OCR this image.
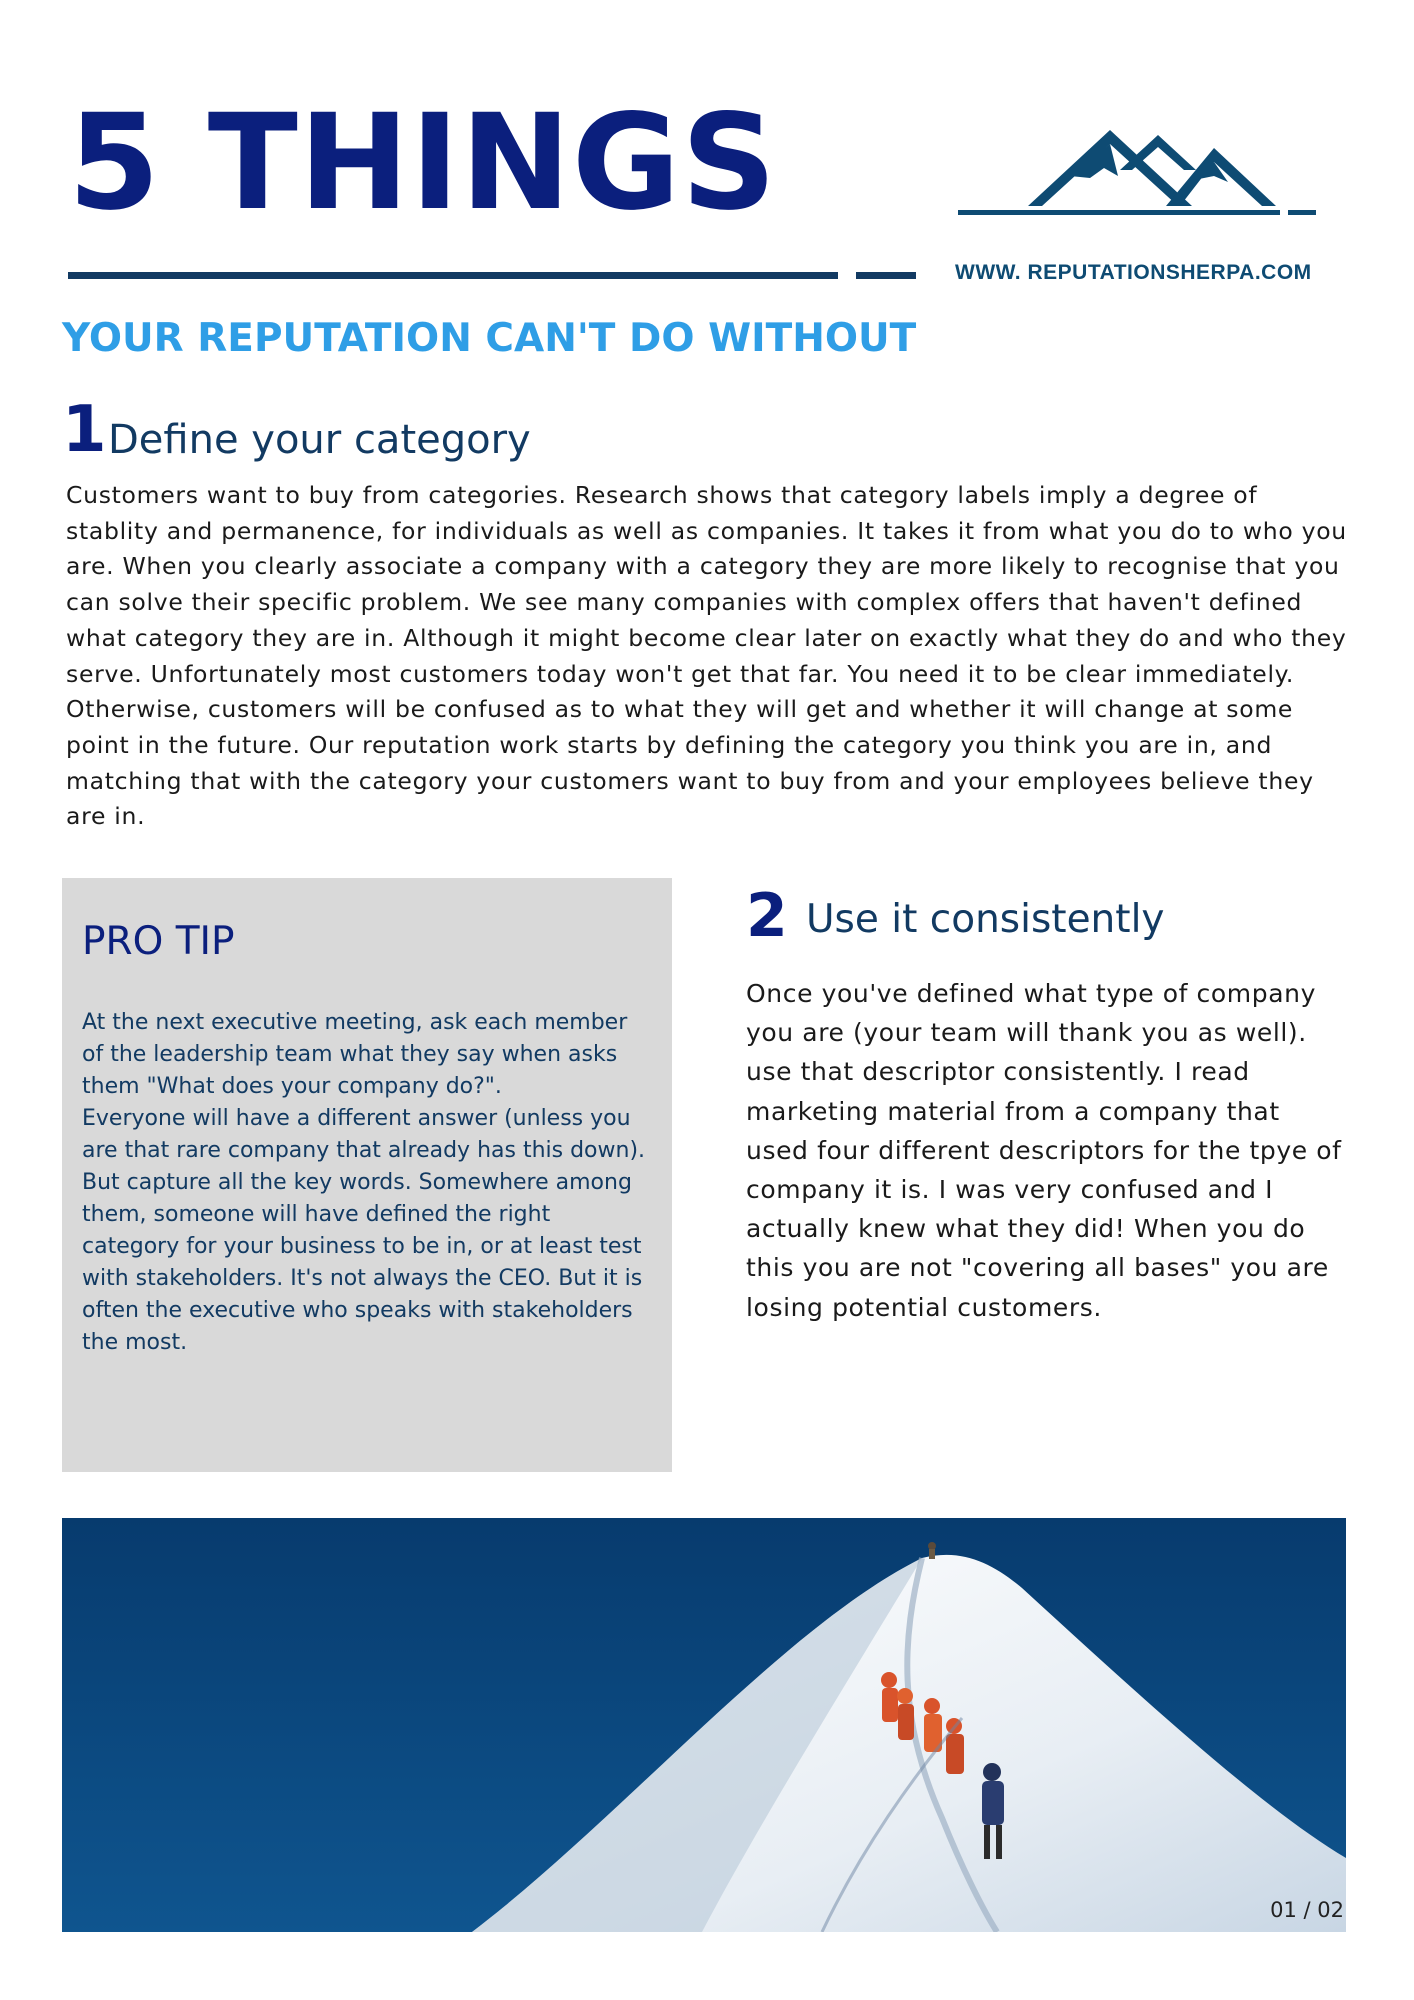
5 THINGS
WWW. REPUTATIONSHERPA.COM
YOUR REPUTATION CAN'T DO WITHOUT
1 Define your category

Customers want to buy from categories. Research shows that category labels imply a degree of stablity and permanence, for individuals as well as companies. It takes it from what you do to who you are. When you clearly associate a company with a category they are more likely to recognise that you can solve their specific problem. We see many companies with complex offers that haven't defined what category they are in. Although it might become clear later on exactly what they do and who they serve. Unfortunately most customers today won't get that far. You need it to be clear immediately. Otherwise, customers will be confused as to what they will get and whether it will change at some point in the future. Our reputation work starts by defining the category you think you are in, and matching that with the category your customers want to buy from and your employees believe they are in.

PRO TIP
At the next executive meeting, ask each member of the leadership team what they say when asks them "What does your company do?".
Everyone will have a different answer (unless you are that rare company that already has this down).
But capture all the key words. Somewhere among them, someone will have defined the right category for your business to be in, or at least test with stakeholders. It's not always the CEO. But it is often the executive who speaks with stakeholders the most.
2 Use it consistently

Once you've defined what type of company you are (your team will thank you as well). use that descriptor consistently. I read marketing material from a company that used four different descriptors for the tpye of company it is. I was very confused and I actually knew what they did! When you do this you are not "covering all bases" you are losing potential customers.

01 / 02
